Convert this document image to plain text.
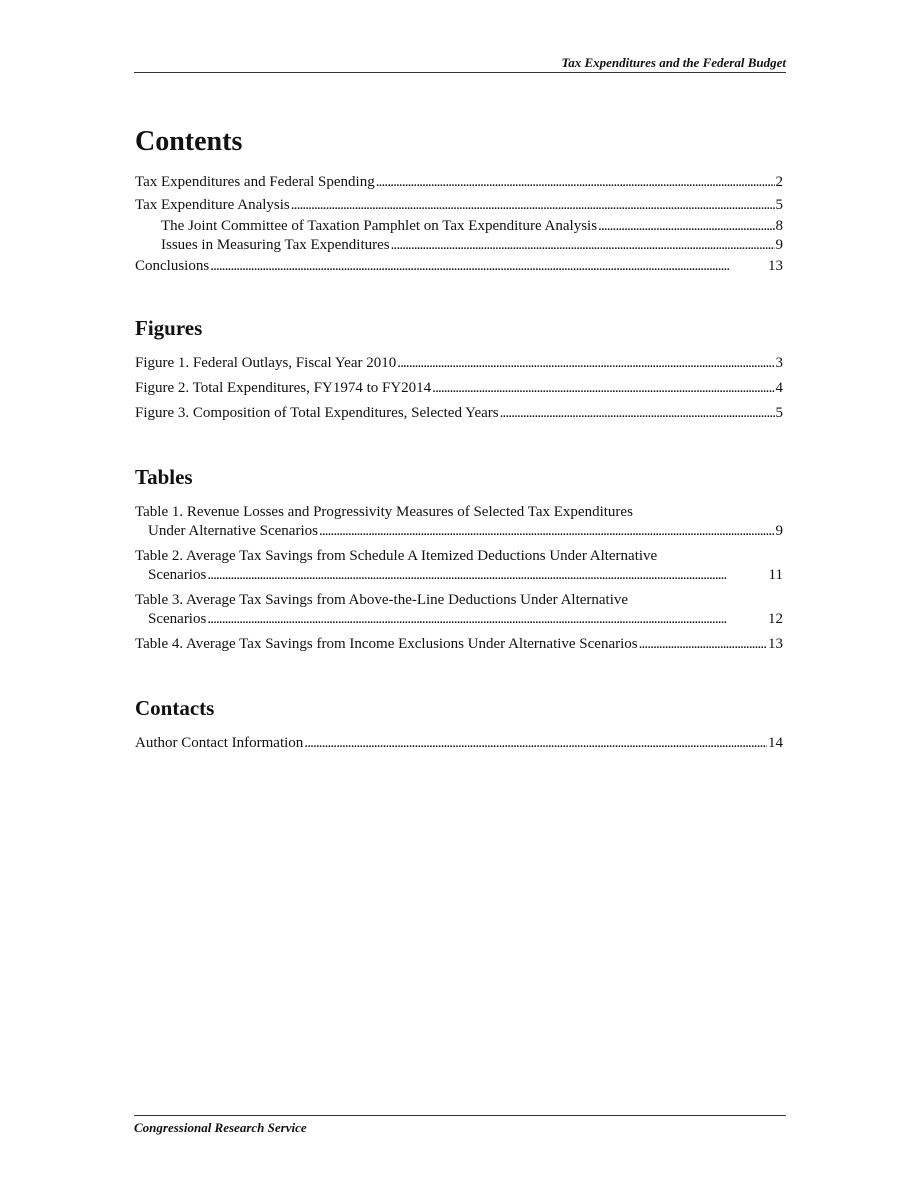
Tax Expenditures and the Federal Budget
Contents
Tax Expenditures and Federal Spending . . .	2
Tax Expenditure Analysis . . .	5
The Joint Committee of Taxation Pamphlet on Tax Expenditure Analysis . . .	8
Issues in Measuring Tax Expenditures . . .	9
Conclusions . . .	13
Figures
Figure 1. Federal Outlays, Fiscal Year 2010 . . .	3
Figure 2. Total Expenditures, FY1974 to FY2014 . . .	4
Figure 3. Composition of Total Expenditures, Selected Years . . .	5
Tables
Table 1. Revenue Losses and Progressivity Measures of Selected Tax Expenditures
Under Alternative Scenarios . . .	9
Table 2. Average Tax Savings from Schedule A Itemized Deductions Under Alternative
Scenarios . . .	11
Table 3. Average Tax Savings from Above-the-Line Deductions Under Alternative
Scenarios . . .	12
Table 4. Average Tax Savings from Income Exclusions Under Alternative Scenarios . . .	13
Contacts
Author Contact Information . . .	14
Congressional Research Service
